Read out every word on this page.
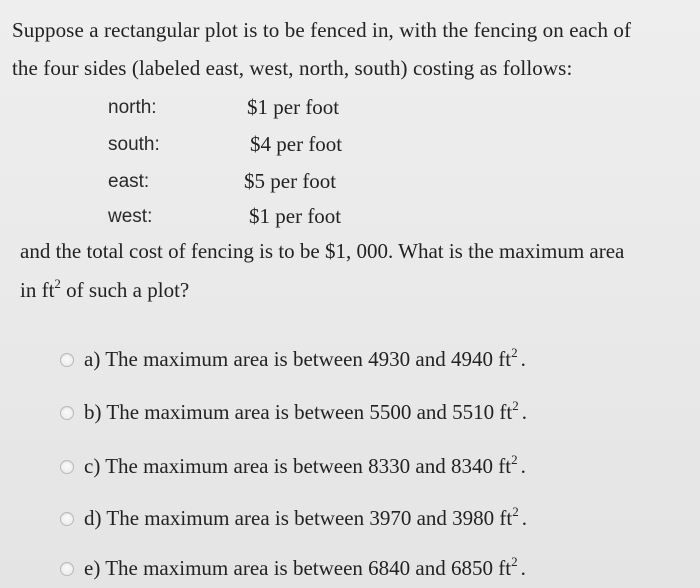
Suppose a rectangular plot is to be fenced in, with the fencing on each of
the four sides (labeled east, west, north, south) costing as follows:
north:	$1 per foot
south:	$4 per foot
east:	$5 per foot
west:	$1 per foot
and the total cost of fencing is to be $1, 000. What is the maximum area
in $ft^2$ of such a plot?
a) The maximum area is between 4930 and 4940 $ft^2$ .
b) The maximum area is between 5500 and 5510 $ft^2$ .
c) The maximum area is between 8330 and 8340 $ft^2$ .
d) The maximum area is between 3970 and 3980 $ft^2$ .
e) The maximum area is between 6840 and 6850 $ft^2$ .
